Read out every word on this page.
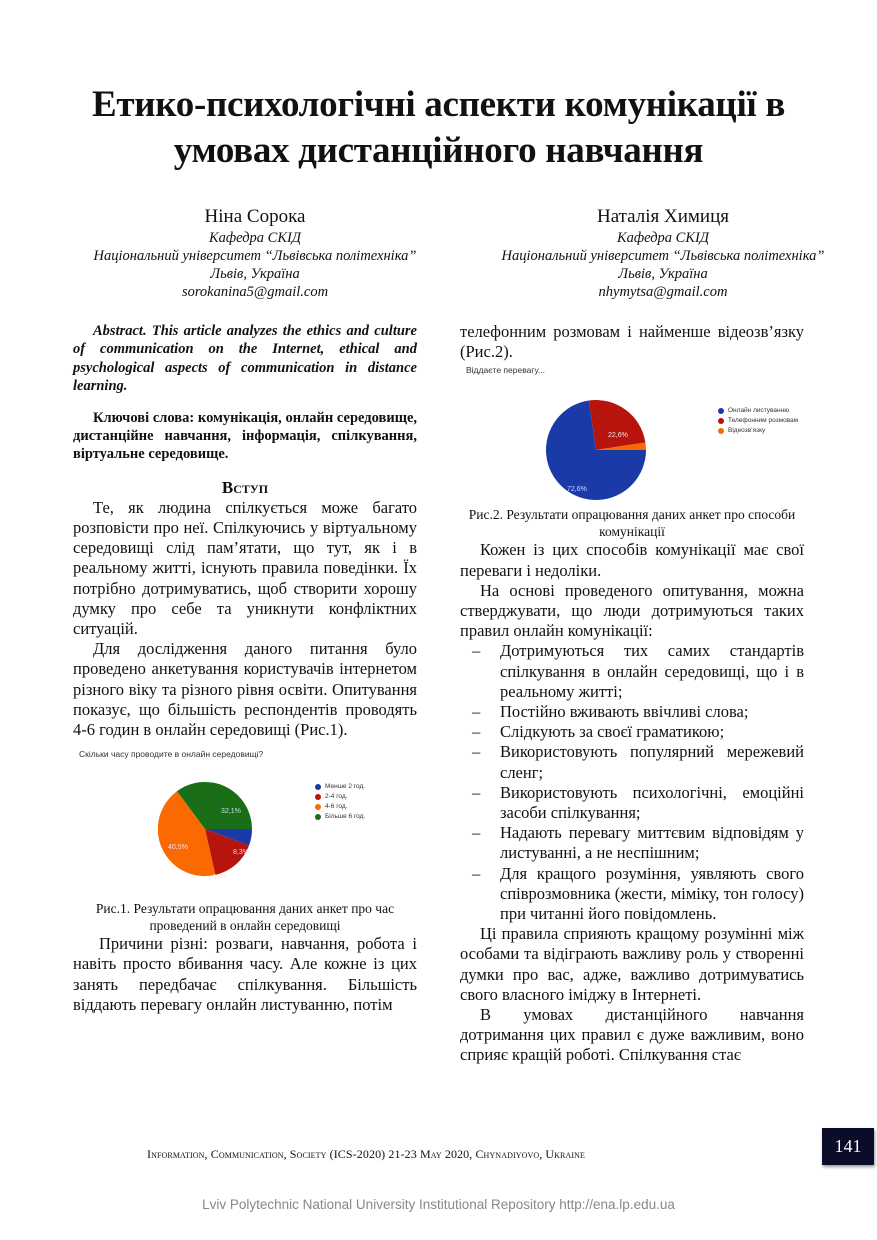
Етико-психологічні аспекти комунікації в
умовах дистанційного навчання
Ніна Сорока
Кафедра СКІД
Національний університет “Львівська політехніка”
Львів, Україна
sorokanina5@gmail.com
Наталія Химиця
Кафедра СКІД
Національний університет “Львівська політехніка”
Львів, Україна
nhymytsa@gmail.com

Abstract. This article analyzes the ethics and culture of communication on the Internet, ethical and psychological aspects of communication in distance learning.

Ключові слова: комунікація, онлайн середовище, дистанційне навчання, інформація, спілкування, віртуальне середовище.

Вступ

Те, як людина спілкується може багато розповісти про неї. Спілкуючись у віртуальному середовищі слід пам’ятати, що тут, як і в реальному житті, існують правила поведінки. Їх потрібно дотримуватись, щоб створити хорошу думку про себе та уникнути конфліктних ситуацій.

Для дослідження даного питання було проведено анкетування користувачів інтернетом різного віку та різного рівня освіти. Опитування показує, що більшість респондентів проводять 4-6 годин в онлайн середовищі (Рис.1).

Скільки часу проводите в онлайн середовищі?
32,1%
40,5%
8,3%
19%
Менше 2 год.
2-4 год.
4-6 год.
Більше 6 год.

Рис.1. Результати опрацювання даних анкет про час проведений в онлайн середовищі

Причини різні: розваги, навчання, робота і навіть просто вбивання часу. Але кожне із цих занять передбачає спілкування. Більшість віддають перевагу онлайн листуванню, потім

телефонним розмовам і найменше відеозв’язку (Рис.2).

Віддаєте перевагу...
22,6%
72,6%
Онлайн листуванню
Телефонним розмовам
Відеозв’язку

Рис.2. Результати опрацювання даних анкет про способи комунікації

Кожен із цих способів комунікації має свої переваги і недоліки.

На основі проведеного опитування, можна стверджувати, що люди дотримуються таких правил онлайн комунікації:

– Дотримуються тих самих стандартів спілкування в онлайн середовищі, що і в реальному житті;
– Постійно вживають ввічливі слова;
– Слідкують за своєї граматикою;
– Використовують популярний мережевий сленг;
– Використовують психологічні, емоційні засоби спілкування;
– Надають перевагу миттєвим відповідям у листуванні, а не неспішним;
– Для кращого розуміння, уявляють свого співрозмовника (жести, міміку, тон голосу) при читанні його повідомлень.

Ці правила сприяють кращому розумінні між особами та відіграють важливу роль у створенні думки про вас, адже, важливо дотримуватись свого власного іміджу в Інтернеті.

В умовах дистанційного навчання дотримання цих правил є дуже важливим, воно сприяє кращій роботі. Спілкування стає

Information, Communication, Society (ICS-2020) 21-23 May 2020, Chynadiyovo, Ukraine	141
Lviv Polytechnic National University Institutional Repository http://ena.lp.edu.ua
